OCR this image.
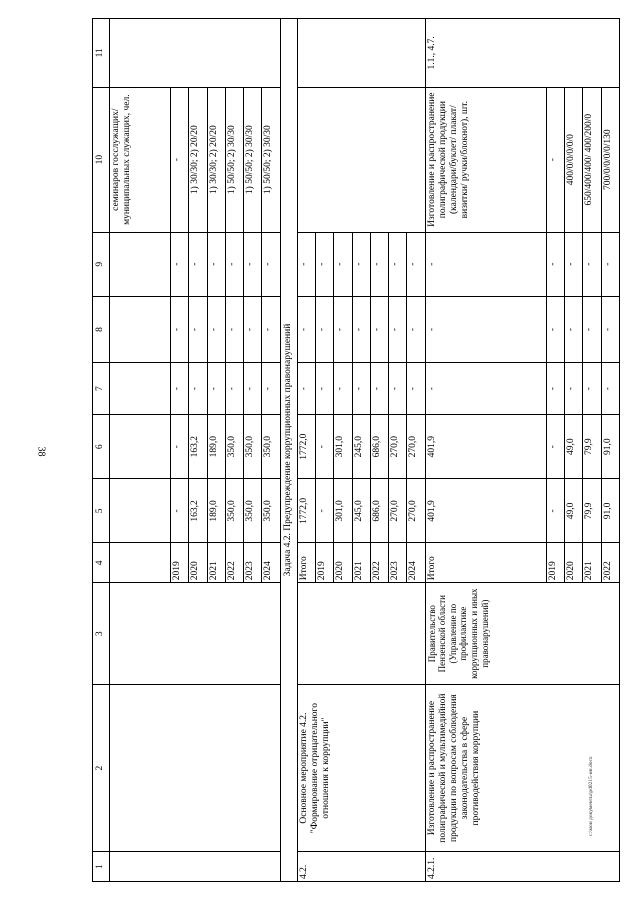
38
c:\мои документы\pd0215-ин.docx
1	2	3	4	5	6	7	8	9	10	11
									семинаров госслужащих/ муниципальных служащих, чел.	
			2019	-	-	-	-	-	-	
			2020	163,2	163,2	-	-	-	1) 30/30; 2) 20/20	
			2021	189,0	189,0	-	-	-	1) 30/30; 2) 20/20	
			2022	350,0	350,0	-	-	-	1) 50/50; 2) 30/30	
			2023	350,0	350,0	-	-	-	1) 50/50; 2) 30/30	
			2024	350,0	350,0	-	-	-	1) 50/50; 2) 30/30	
Задача 4.2. Предупреждение коррупционных правонарушений										
4.2.	Основное мероприятие 4.2. "Формирование отрицательного отношения к коррупции"		Итого	1772,0	1772,0	-	-	-		
			2019	-	-	-	-	-		
			2020	301,0	301,0	-	-	-		
			2021	245,0	245,0	-	-	-		
			2022	686,0	686,0	-	-	-		
			2023	270,0	270,0	-	-	-		
			2024	270,0	270,0	-	-	-		
4.2.1.	Изготовление и распространение полиграфической и мультимедийной продукции по вопросам соблюдения законодательства в сфере противодействия коррупции	Правительство Пензенской области (Управление по профилактике коррупционных и иных правонарушений)	Итого	401,9	401,9	-	-	-	Изготовление и распространение полиграфической продукции (календари/буклет/ плакат/визитки/ ручки/блокнот), шт.	1.1., 4.7.
			2019	-	-	-	-	-	-	
			2020	49,0	49,0	-	-	-	400/0/0/0/0/0	
			2021	79,9	79,9	-	-	-	650/400/400/ 400/200/0	
			2022	91,0	91,0	-	-	-	700/0/0/0/0/130	
